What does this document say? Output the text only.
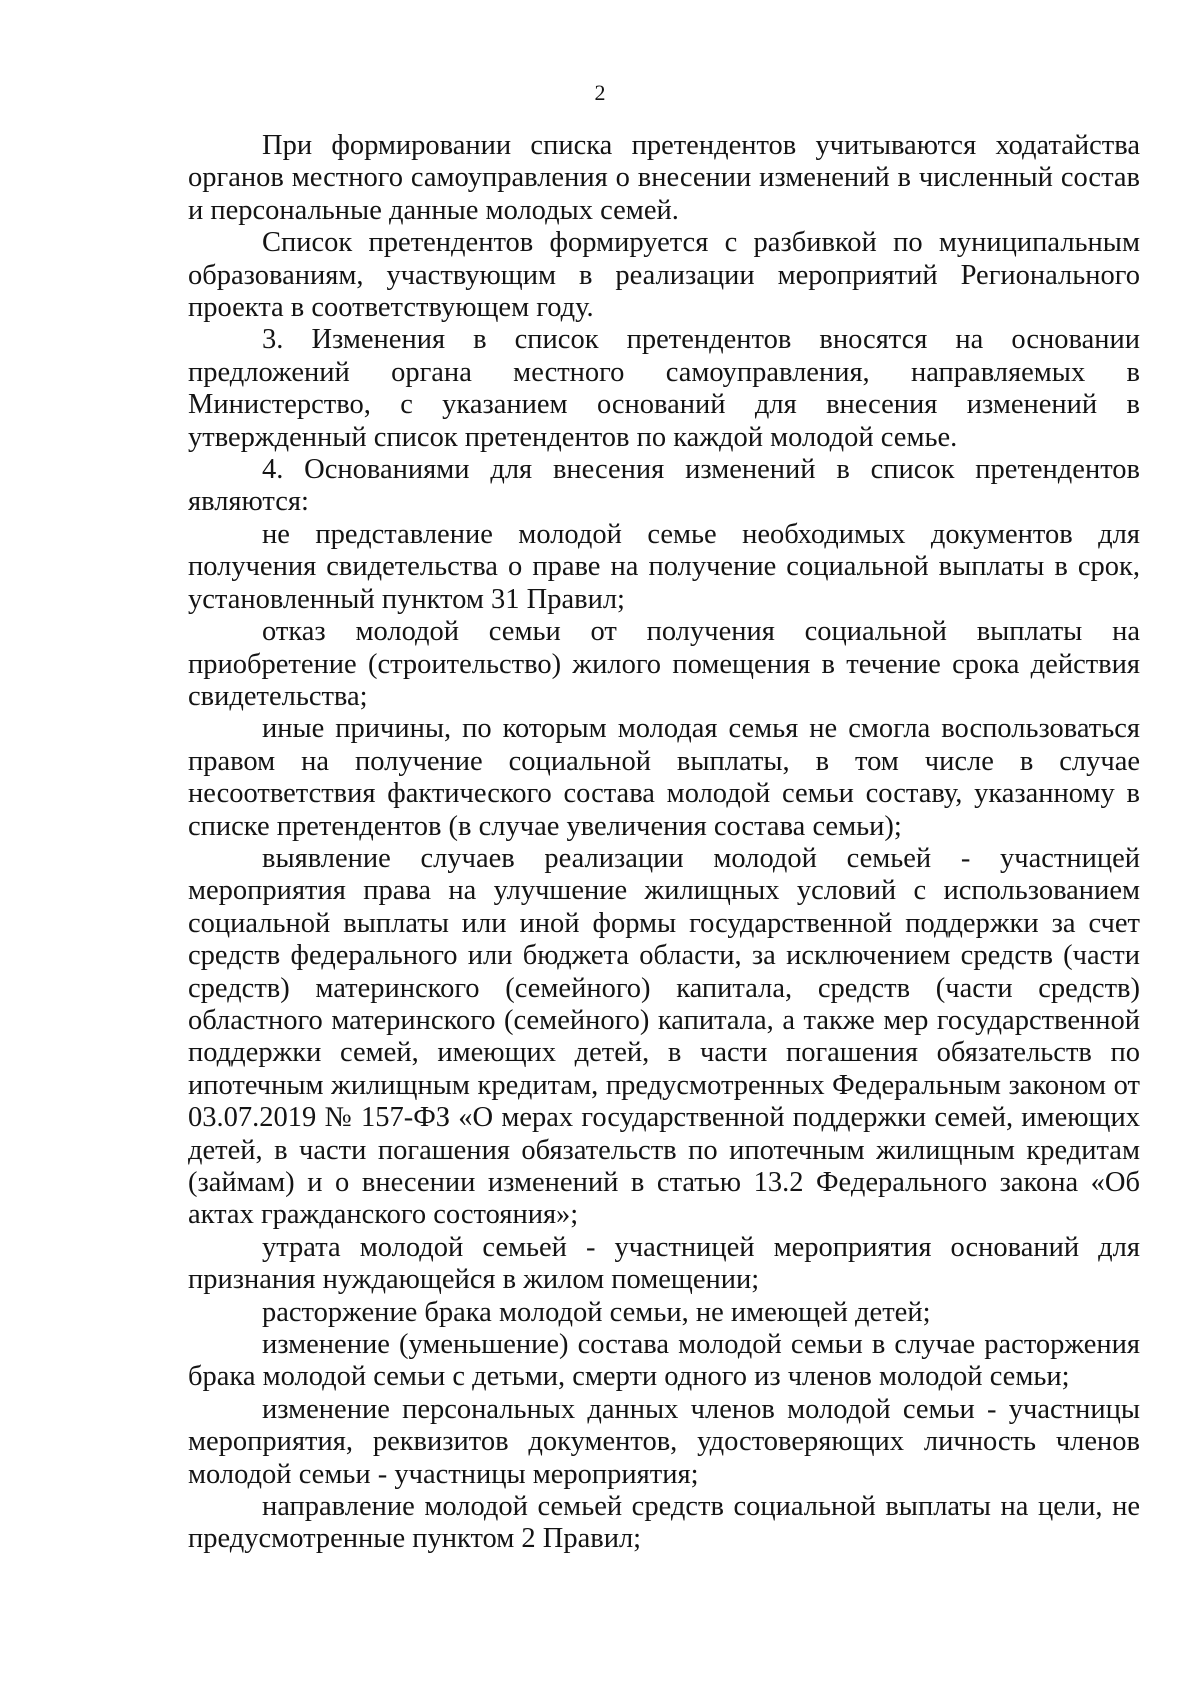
2

При формировании списка претендентов учитываются ходатайства органов местного самоуправления о внесении изменений в численный состав и персональные данные молодых семей.

Список претендентов формируется с разбивкой по муниципальным образованиям, участвующим в реализации мероприятий Регионального проекта в соответствующем году.

3. Изменения в список претендентов вносятся на основании предложений органа местного самоуправления, направляемых в Министерство, с указанием оснований для внесения изменений в утвержденный список претендентов по каждой молодой семье.

4. Основаниями для внесения изменений в список претендентов являются:

не представление молодой семье необходимых документов для получения свидетельства о праве на получение социальной выплаты в срок, установленный пунктом 31 Правил;

отказ молодой семьи от получения социальной выплаты на приобретение (строительство) жилого помещения в течение срока действия свидетельства;

иные причины, по которым молодая семья не смогла воспользоваться правом на получение социальной выплаты, в том числе в случае несоответствия фактического состава молодой семьи составу, указанному в списке претендентов (в случае увеличения состава семьи);

выявление случаев реализации молодой семьей - участницей мероприятия права на улучшение жилищных условий с использованием социальной выплаты или иной формы государственной поддержки за счет средств федерального или бюджета области, за исключением средств (части средств) материнского (семейного) капитала, средств (части средств) областного материнского (семейного) капитала, а также мер государственной поддержки семей, имеющих детей, в части погашения обязательств по ипотечным жилищным кредитам, предусмотренных Федеральным законом от 03.07.2019 № 157-ФЗ «О мерах государственной поддержки семей, имеющих детей, в части погашения обязательств по ипотечным жилищным кредитам (займам) и о внесении изменений в статью 13.2 Федерального закона «Об актах гражданского состояния»;

утрата молодой семьей - участницей мероприятия оснований для признания нуждающейся в жилом помещении;

расторжение брака молодой семьи, не имеющей детей;

изменение (уменьшение) состава молодой семьи в случае расторжения брака молодой семьи с детьми, смерти одного из членов молодой семьи;

изменение персональных данных членов молодой семьи - участницы мероприятия, реквизитов документов, удостоверяющих личность членов молодой семьи - участницы мероприятия;

направление молодой семьей средств социальной выплаты на цели, не предусмотренные пунктом 2 Правил;
